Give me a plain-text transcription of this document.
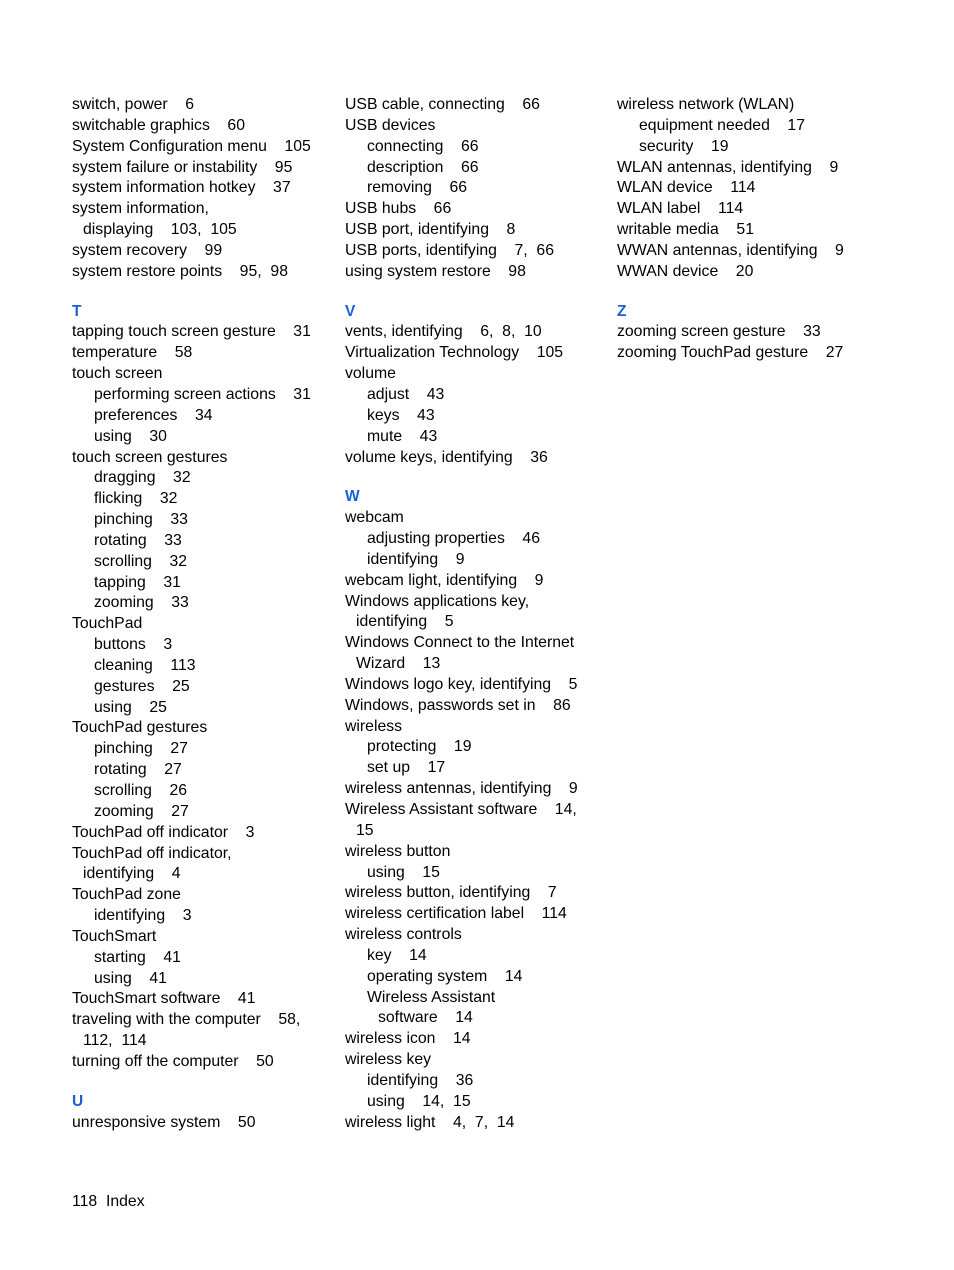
switch, power    6
switchable graphics    60
System Configuration menu    105
system failure or instability    95
system information hotkey    37
system information,
displaying    103,  105
system recovery    99
system restore points    95,  98
T
tapping touch screen gesture    31
temperature    58
touch screen
performing screen actions    31
preferences    34
using    30
touch screen gestures
dragging    32
flicking    32
pinching    33
rotating    33
scrolling    32
tapping    31
zooming    33
TouchPad
buttons    3
cleaning    113
gestures    25
using    25
TouchPad gestures
pinching    27
rotating    27
scrolling    26
zooming    27
TouchPad off indicator    3
TouchPad off indicator,
identifying    4
TouchPad zone
identifying    3
TouchSmart
starting    41
using    41
TouchSmart software    41
traveling with the computer    58,
112,  114
turning off the computer    50
U
unresponsive system    50
USB cable, connecting    66
USB devices
connecting    66
description    66
removing    66
USB hubs    66
USB port, identifying    8
USB ports, identifying    7,  66
using system restore    98
V
vents, identifying    6,  8,  10
Virtualization Technology    105
volume
adjust    43
keys    43
mute    43
volume keys, identifying    36
W
webcam
adjusting properties    46
identifying    9
webcam light, identifying    9
Windows applications key,
identifying    5
Windows Connect to the Internet
Wizard    13
Windows logo key, identifying    5
Windows, passwords set in    86
wireless
protecting    19
set up    17
wireless antennas, identifying    9
Wireless Assistant software    14,
15
wireless button
using    15
wireless button, identifying    7
wireless certification label    114
wireless controls
key    14
operating system    14
Wireless Assistant
software    14
wireless icon    14
wireless key
identifying    36
using    14,  15
wireless light    4,  7,  14
wireless network (WLAN)
equipment needed    17
security    19
WLAN antennas, identifying    9
WLAN device    114
WLAN label    114
writable media    51
WWAN antennas, identifying    9
WWAN device    20
Z
zooming screen gesture    33
zooming TouchPad gesture    27
118 Index
